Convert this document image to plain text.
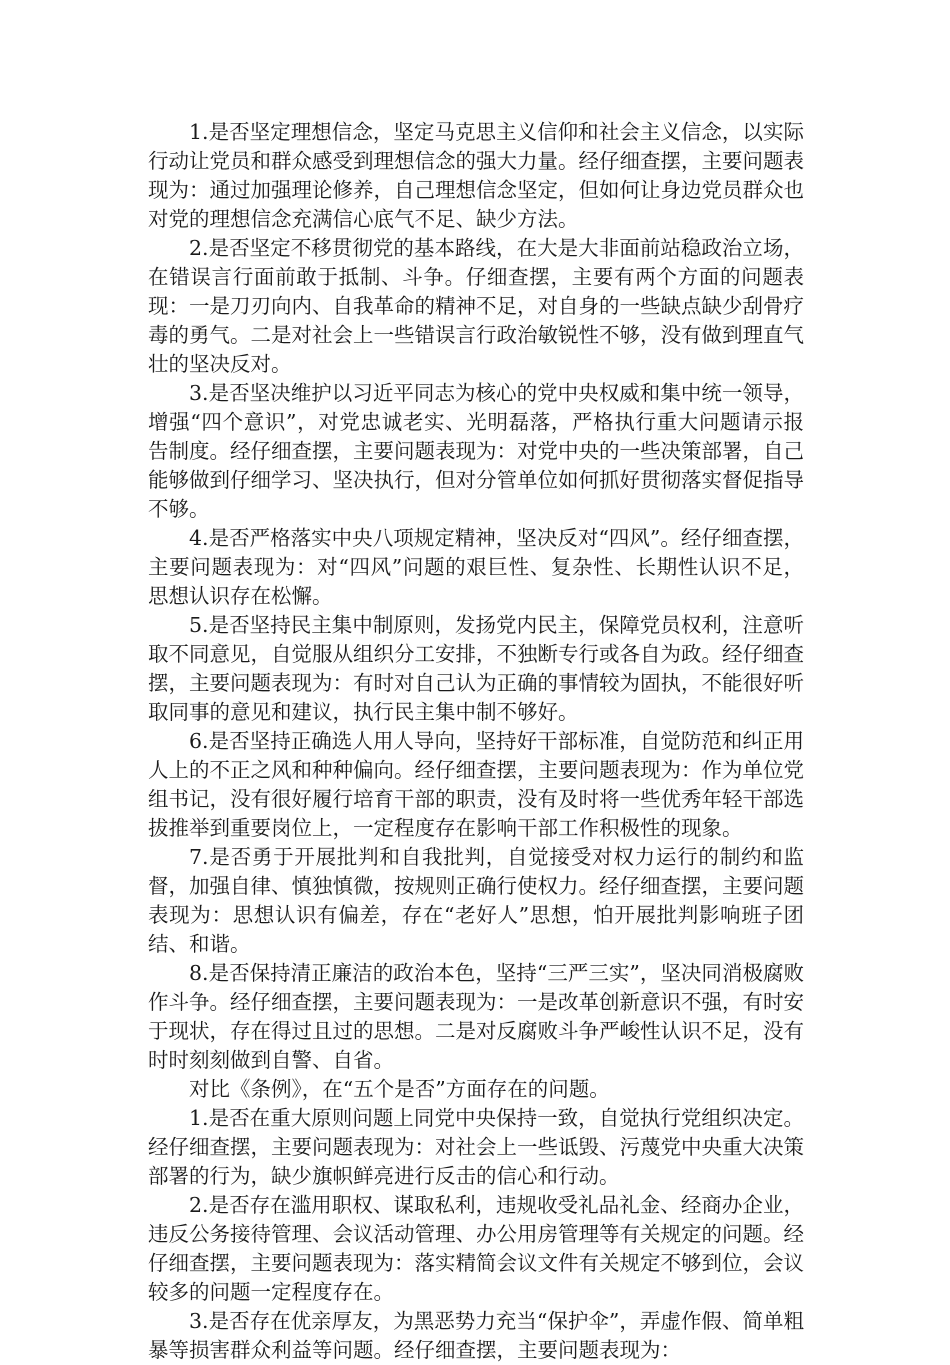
1.是否坚定理想信念，坚定马克思主义信仰和社会主义信念，以实际行动让党员和群众感受到理想信念的强大力量。经仔细查摆，主要问题表现为：通过加强理论修养，自己理想信念坚定，但如何让身边党员群众也对党的理想信念充满信心底气不足、缺少方法。

2.是否坚定不移贯彻党的基本路线，在大是大非面前站稳政治立场，在错误言行面前敢于抵制、斗争。仔细查摆，主要有两个方面的问题表现：一是刀刃向内、自我革命的精神不足，对自身的一些缺点缺少刮骨疗毒的勇气。二是对社会上一些错误言行政治敏锐性不够，没有做到理直气壮的坚决反对。

3.是否坚决维护以习近平同志为核心的党中央权威和集中统一领导，增强“四个意识”，对党忠诚老实、光明磊落，严格执行重大问题请示报告制度。经仔细查摆，主要问题表现为：对党中央的一些决策部署，自己能够做到仔细学习、坚决执行，但对分管单位如何抓好贯彻落实督促指导不够。

4.是否严格落实中央八项规定精神，坚决反对“四风”。经仔细查摆，主要问题表现为：对“四风”问题的艰巨性、复杂性、长期性认识不足，思想认识存在松懈。

5.是否坚持民主集中制原则，发扬党内民主，保障党员权利，注意听取不同意见，自觉服从组织分工安排，不独断专行或各自为政。经仔细查摆，主要问题表现为：有时对自己认为正确的事情较为固执，不能很好听取同事的意见和建议，执行民主集中制不够好。

6.是否坚持正确选人用人导向，坚持好干部标准，自觉防范和纠正用人上的不正之风和种种偏向。经仔细查摆，主要问题表现为：作为单位党组书记，没有很好履行培育干部的职责，没有及时将一些优秀年轻干部选拔推举到重要岗位上，一定程度存在影响干部工作积极性的现象。

7.是否勇于开展批判和自我批判，自觉接受对权力运行的制约和监督，加强自律、慎独慎微，按规则正确行使权力。经仔细查摆，主要问题表现为：思想认识有偏差，存在“老好人”思想，怕开展批判影响班子团结、和谐。

8.是否保持清正廉洁的政治本色，坚持“三严三实”，坚决同消极腐败作斗争。经仔细查摆，主要问题表现为：一是改革创新意识不强，有时安于现状，存在得过且过的思想。二是对反腐败斗争严峻性认识不足，没有时时刻刻做到自警、自省。

对比《条例》，在“五个是否”方面存在的问题。

1.是否在重大原则问题上同党中央保持一致，自觉执行党组织决定。经仔细查摆，主要问题表现为：对社会上一些诋毁、污蔑党中央重大决策部署的行为，缺少旗帜鲜亮进行反击的信心和行动。

2.是否存在滥用职权、谋取私利，违规收受礼品礼金、经商办企业，违反公务接待管理、会议活动管理、办公用房管理等有关规定的问题。经仔细查摆，主要问题表现为：落实精简会议文件有关规定不够到位，会议较多的问题一定程度存在。

3.是否存在优亲厚友，为黑恶势力充当“保护伞”，弄虚作假、简单粗暴等损害群众利益等问题。经仔细查摆，主要问题表现为：
